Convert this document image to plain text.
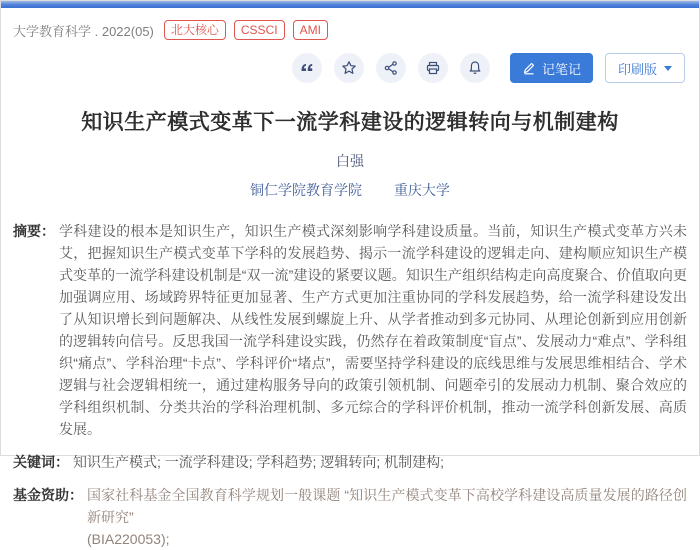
大学教育科学 . 2022(05)	北大核心	CSSCI	AMI
记笔记	印刷版
知识生产模式变革下一流学科建设的逻辑转向与机制建构
白强
铜仁学院教育学院 重庆大学
摘要： 学科建设的根本是知识生产，知识生产模式深刻影响学科建设质量。当前，知识生产模式变革方兴未艾，把握知识生产模式变革下学科的发展趋势、揭示一流学科建设的逻辑走向、建构顺应知识生产模式变革的一流学科建设机制是“双一流”建设的紧要议题。知识生产组织结构走向高度聚合、价值取向更加强调应用、场域跨界特征更加显著、生产方式更加注重协同的学科发展趋势，给一流学科建设发出了从知识增长到问题解决、从线性发展到螺旋上升、从学者推动到多元协同、从理论创新到应用创新的逻辑转向信号。反思我国一流学科建设实践，仍然存在着政策制度“盲点”、发展动力“难点”、学科组织“痛点”、学科治理“卡点”、学科评价“堵点”，需要坚持学科建设的底线思维与发展思维相结合、学术逻辑与社会逻辑相统一，通过建构服务导向的政策引领机制、问题牵引的发展动力机制、聚合效应的学科组织机制、分类共治的学科治理机制、多元综合的学科评价机制，推动一流学科创新发展、高质发展。
关键词： 知识生产模式; 一流学科建设; 学科趋势; 逻辑转向; 机制建构;
基金资助： 国家社科基金全国教育科学规划一般课题 “知识生产模式变革下高校学科建设高质量发展的路径创新研究”
(BIA220053);
